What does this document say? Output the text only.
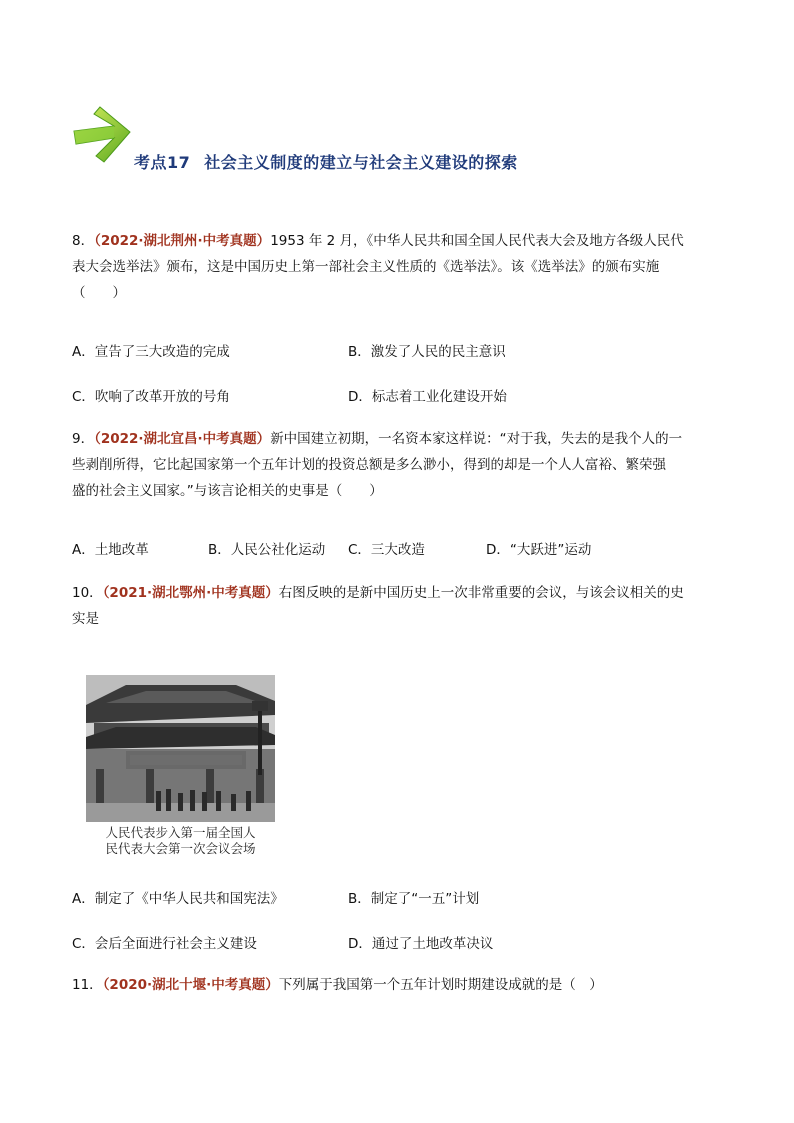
考点17 社会主义制度的建立与社会主义建设的探索
8．（2022·湖北荆州·中考真题）1953 年 2 月，《中华人民共和国全国人民代表大会及地方各级人民代
表大会选举法》颁布，这是中国历史上第一部社会主义性质的《选举法》。该《选举法》的颁布实施
（　　）
A．宣告了三大改造的完成	B．激发了人民的民主意识
C．吹响了改革开放的号角	D．标志着工业化建设开始
9．（2022·湖北宜昌·中考真题）新中国建立初期，一名资本家这样说：“对于我，失去的是我个人的一
些剥削所得，它比起国家第一个五年计划的投资总额是多么渺小，得到的却是一个人人富裕、繁荣强
盛的社会主义国家。”与该言论相关的史事是（　　）
A．土地改革	B．人民公社化运动 C．三大改造	D．“大跃进”运动
10．（2021·湖北鄂州·中考真题）右图反映的是新中国历史上一次非常重要的会议，与该会议相关的史
实是
人民代表步入第一届全国人
民代表大会第一次会议会场
A．制定了《中华人民共和国宪法》	B．制定了“一五”计划
C．会后全面进行社会主义建设	D．通过了土地改革决议
11．（2020·湖北十堰·中考真题）下列属于我国第一个五年计划时期建设成就的是（　）
